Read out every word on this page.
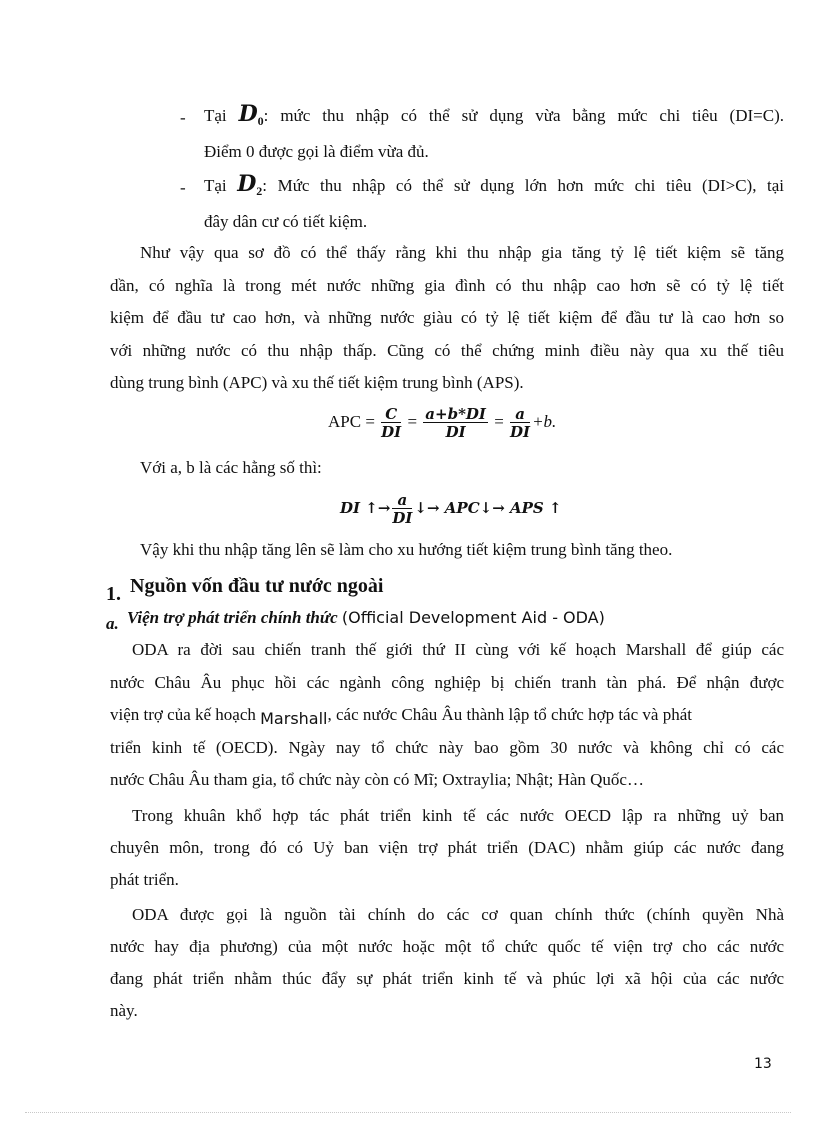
- Tại $D_0$: mức thu nhập có thể sử dụng vừa bằng mức chi tiêu (DI=C).
Điểm 0 được gọi là điểm vừa đủ.
- Tại $D_2$: Mức thu nhập có thể sử dụng lớn hơn mức chi tiêu (DI>C), tại
đây dân cư có tiết kiệm.
Như vậy qua sơ đồ có thể thấy rằng khi thu nhập gia tăng tỷ lệ tiết kiệm sẽ tăng
dần, có nghĩa là trong mét nước những gia đình có thu nhập cao hơn sẽ có tỷ lệ tiết
kiệm để đầu tư cao hơn, và những nước giàu có tỷ lệ tiết kiệm để đầu tư là cao hơn so
với những nước có thu nhập thấp. Cũng có thể chứng minh điều này qua xu thế tiêu
dùng trung bình (APC) và xu thế tiết kiệm trung bình (APS).
APC = $\frac{C}{DI} = \frac{a+b*DI}{DI} = \frac{a}{DI} +b$.
Với a, b là các hằng số thì:
DI ↑→ $\frac{a}{DI}$ ↓→ APC↓→ APS ↑
Vậy khi thu nhập tăng lên sẽ làm cho xu hướng tiết kiệm trung bình tăng theo.
1. Nguồn vốn đầu tư nước ngoài
a. Viện trợ phát triển chính thức (Official Development Aid - ODA)
ODA ra đời sau chiến tranh thế giới thứ II cùng với kế hoạch Marshall để giúp các
nước Châu Âu phục hồi các ngành công nghiệp bị chiến tranh tàn phá. Để nhận được
viện trợ của kế hoạch Marshall, các nước Châu Âu thành lập tổ chức hợp tác và phát
triển kinh tế (OECD). Ngày nay tổ chức này bao gồm 30 nước và không chỉ có các
nước Châu Âu tham gia, tổ chức này còn có Mĩ; Oxtraylia; Nhật; Hàn Quốc…
Trong khuân khổ hợp tác phát triển kinh tế các nước OECD lập ra những uỷ ban
chuyên môn, trong đó có Uỷ ban viện trợ phát triển (DAC) nhằm giúp các nước đang
phát triển.
ODA được gọi là nguồn tài chính do các cơ quan chính thức (chính quyền Nhà
nước hay địa phương) của một nước hoặc một tổ chức quốc tế viện trợ cho các nước
đang phát triển nhằm thúc đẩy sự phát triển kinh tế và phúc lợi xã hội của các nước
này.
13
